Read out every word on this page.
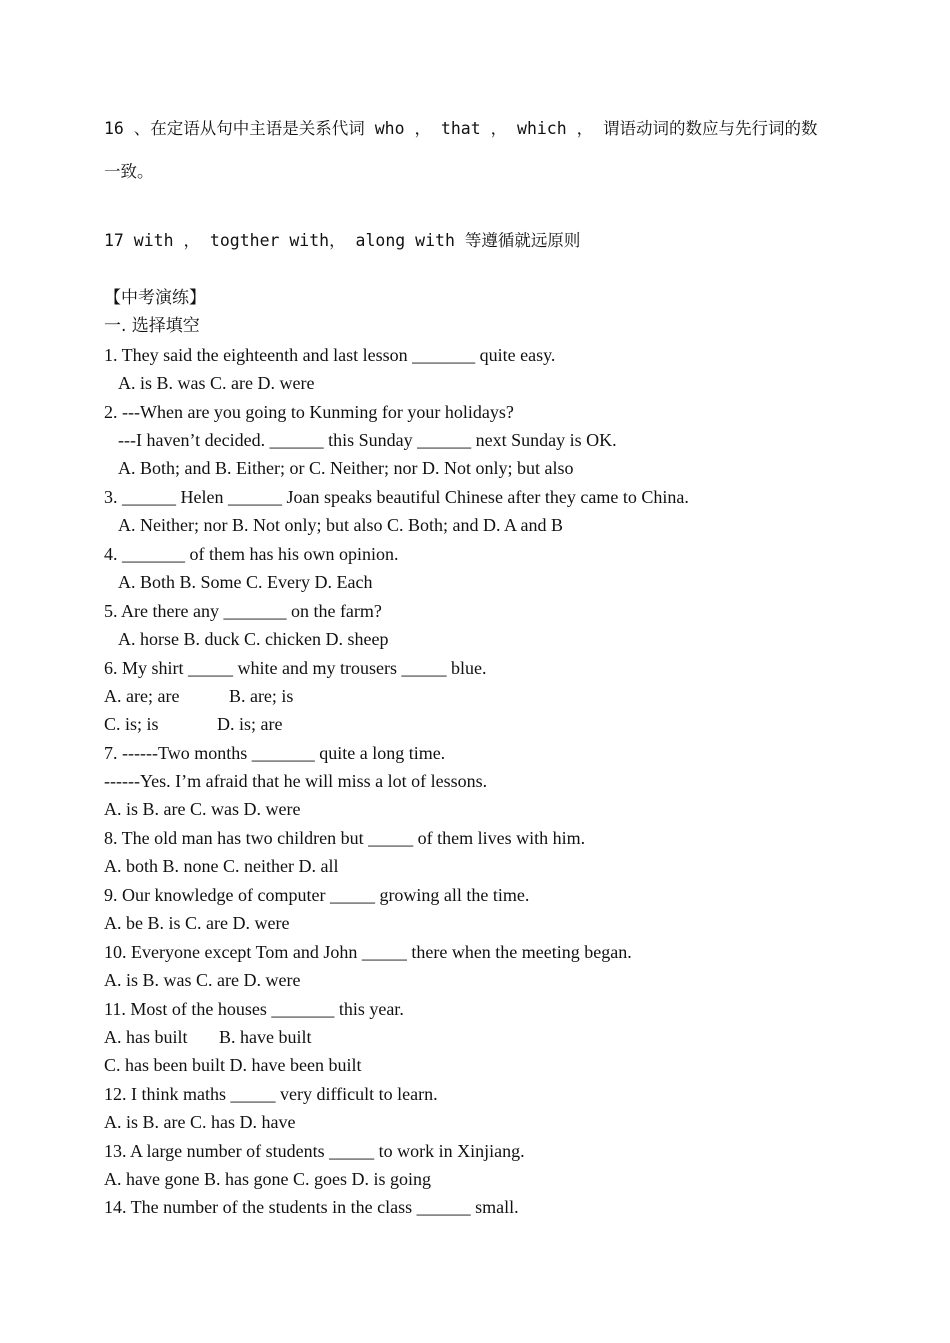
16 、在定语从句中主语是关系代词 who ， that ， which ， 谓语动词的数应与先行词的数
一致。
17 with ， togther with， along with 等遵循就远原则
【中考演练】
一. 选择填空
1. They said the eighteenth and last lesson _______ quite easy.
A. is B. was C. are D. were
2. ---When are you going to Kunming for your holidays?
---I haven’t decided. ______ this Sunday ______ next Sunday is OK.
A. Both; and B. Either; or C. Neither; nor D. Not only; but also
3. ______ Helen ______ Joan speaks beautiful Chinese after they came to China.
A. Neither; nor B. Not only; but also C. Both; and D. A and B
4. _______ of them has his own opinion.
A. Both B. Some C. Every D. Each
5. Are there any _______ on the farm?
A. horse B. duck C. chicken D. sheep
6. My shirt _____ white and my trousers _____ blue.
A. are; are           B. are; is
C. is; is             D. is; are
7. ------Two months _______ quite a long time.
------Yes. I’m afraid that he will miss a lot of lessons.
A. is B. are C. was D. were
8. The old man has two children but _____ of them lives with him.
A. both B. none C. neither D. all
9. Our knowledge of computer _____ growing all the time.
A. be B. is C. are D. were
10. Everyone except Tom and John _____ there when the meeting began.
A. is B. was C. are D. were
11. Most of the houses _______ this year.
A. has built       B. have built
C. has been built D. have been built
12. I think maths _____ very difficult to learn.
A. is B. are C. has D. have
13. A large number of students _____ to work in Xinjiang.
A. have gone B. has gone C. goes D. is going
14. The number of the students in the class ______ small.
